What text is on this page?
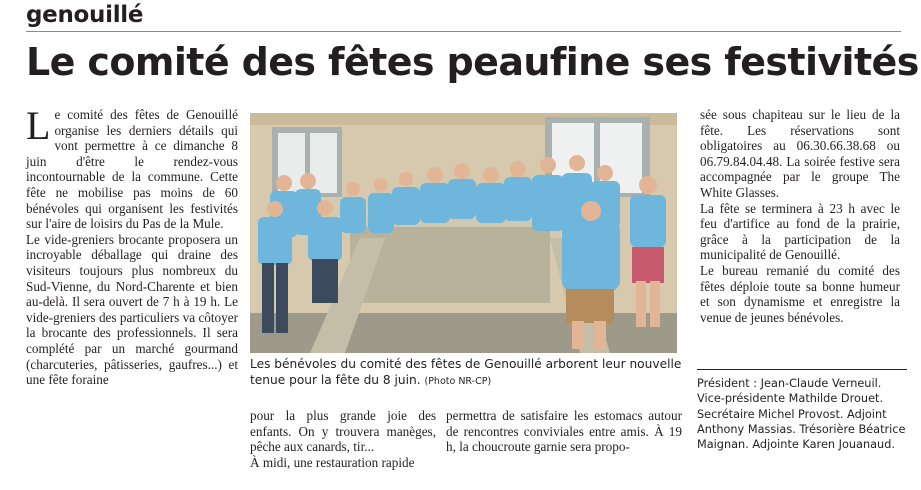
genouillé
Le comité des fêtes peaufine ses festivités

Le comité des fêtes de Genouillé organise les derniers détails qui vont permettre à ce dimanche 8 juin d'être le rendez-vous incontournable de la commune. Cette fête ne mobilise pas moins de 60 bénévoles qui organisent les festivités sur l'aire de loisirs du Pas de la Mule.

Le vide-greniers brocante proposera un incroyable déballage qui draine des visiteurs toujours plus nombreux du Sud-Vienne, du Nord-Charente et bien au-delà. Il sera ouvert de 7 h à 19 h. Le vide-greniers des particuliers va côtoyer la brocante des professionnels. Il sera complété par un marché gourmand (charcuteries, pâtisseries, gaufres...) et une fête foraine

Les bénévoles du comité des fêtes de Genouillé arborent leur nouvelle tenue pour la fête du 8 juin. (Photo NR-CP)

pour la plus grande joie des enfants. On y trouvera manèges, pêche aux canards, tir...

À midi, une restauration rapide

permettra de satisfaire les estomacs autour de rencontres conviviales entre amis. À 19 h, la choucroute garnie sera propo-

sée sous chapiteau sur le lieu de la fête. Les réservations sont obligatoires au 06.30.66.38.68 ou 06.79.84.04.48. La soirée festive sera accompagnée par le groupe The White Glasses.

La fête se terminera à 23 h avec le feu d'artifice au fond de la prairie, grâce à la participation de la municipalité de Genouillé.

Le bureau remanié du comité des fêtes déploie toute sa bonne humeur et son dynamisme et enregistre la venue de jeunes bénévoles.

Président : Jean-Claude Verneuil. Vice-présidente Mathilde Drouet. Secrétaire Michel Provost. Adjoint Anthony Massias. Trésorière Béatrice Maignan. Adjointe Karen Jouanaud.
